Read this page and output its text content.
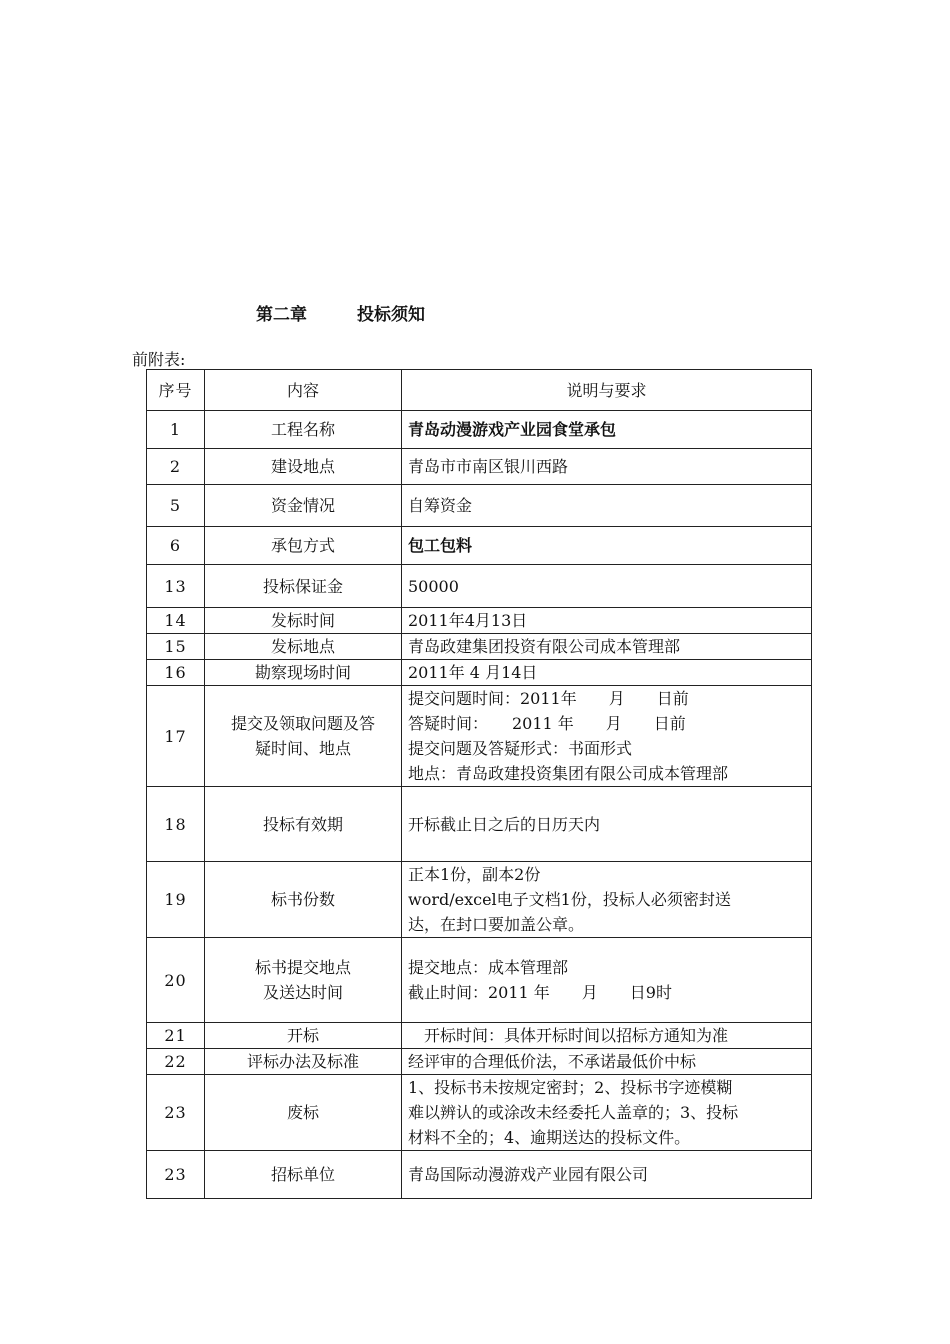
第二章	投标须知
前附表:
序号	内容	说明与要求
1	工程名称	青岛动漫游戏产业园食堂承包

2	建设地点	青岛市市南区银川西路

5	资金情况	自筹资金

6	承包方式	包工包料

13	投标保证金	50000

14	发标时间	2011年4月13日

15	发标地点	青岛政建集团投资有限公司成本管理部

16	勘察现场时间	2011年 4 月14日

17	提交及领取问题及答
疑时间、地点	提交问题时间：2011年　　月　　日前
答疑时间：　　2011 年　　月　　日前
提交问题及答疑形式：书面形式
地点：青岛政建投资集团有限公司成本管理部

18	投标有效期	开标截止日之后的日历天内

19	标书份数	正本1份，副本2份
word/excel电子文档1份，投标人必须密封送
达，在封口要加盖公章。

20	标书提交地点
及送达时间	提交地点：成本管理部
截止时间：2011 年　　月　　日9时

21	开标	　开标时间：具体开标时间以招标方通知为准

22	评标办法及标准	经评审的合理低价法，不承诺最低价中标

23	废标	1、投标书未按规定密封；2、投标书字迹模糊
难以辨认的或涂改未经委托人盖章的；3、投标
材料不全的；4、逾期送达的投标文件。

23	招标单位	青岛国际动漫游戏产业园有限公司
